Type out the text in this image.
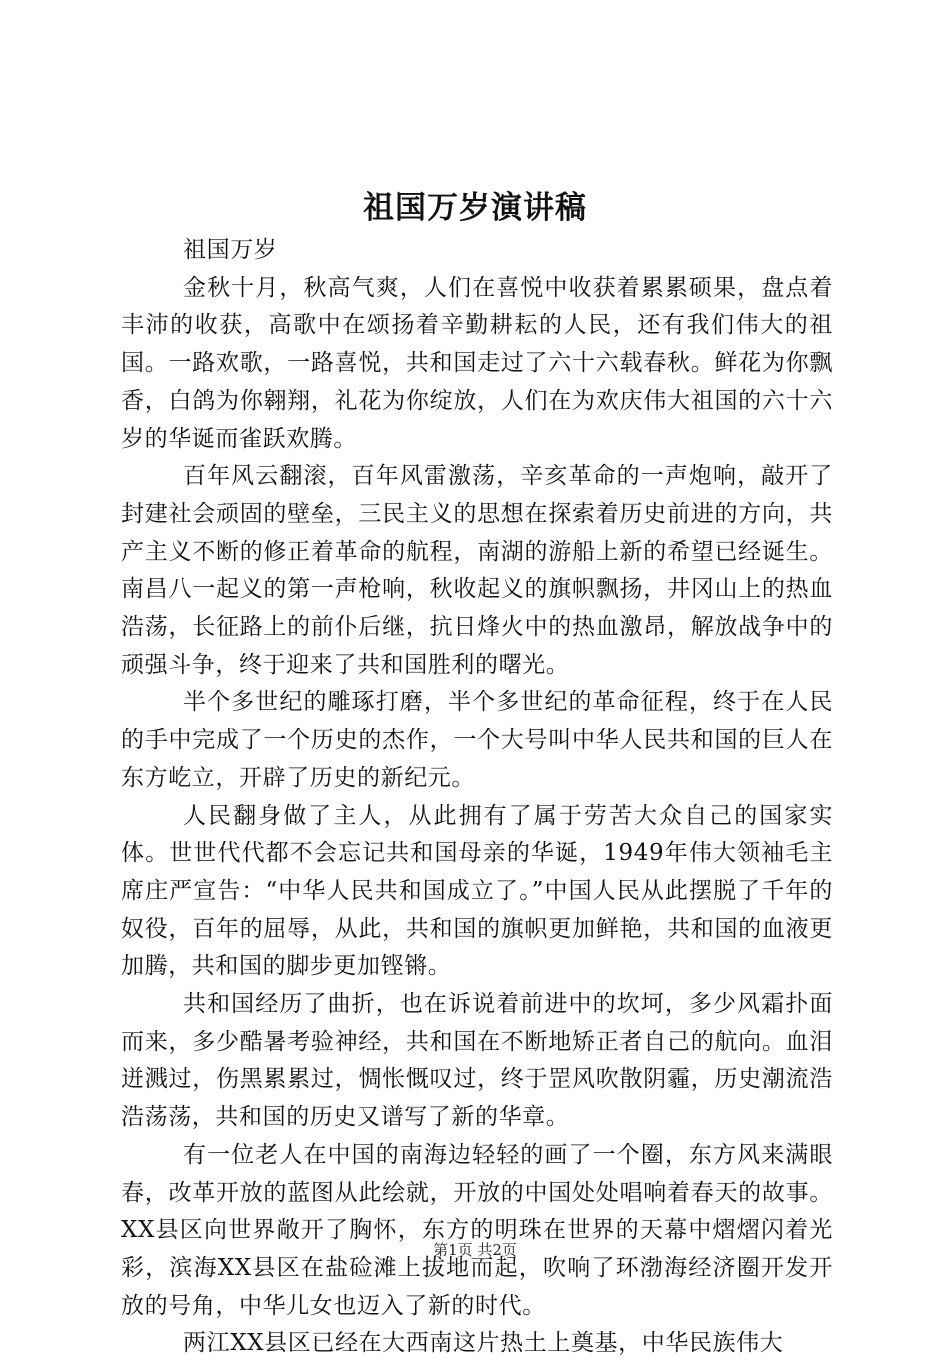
祖国万岁演讲稿

祖国万岁

金秋十月，秋高气爽，人们在喜悦中收获着累累硕果，盘点着丰沛的收获，高歌中在颂扬着辛勤耕耘的人民，还有我们伟大的祖国。一路欢歌，一路喜悦，共和国走过了六十六载春秋。鲜花为你飘香，白鸽为你翱翔，礼花为你绽放，人们在为欢庆伟大祖国的六十六岁的华诞而雀跃欢腾。

百年风云翻滚，百年风雷激荡，辛亥革命的一声炮响，敲开了封建社会顽固的壁垒，三民主义的思想在探索着历史前进的方向，共产主义不断的修正着革命的航程，南湖的游船上新的希望已经诞生。南昌八一起义的第一声枪响，秋收起义的旗帜飘扬，井冈山上的热血浩荡，长征路上的前仆后继，抗日烽火中的热血激昂，解放战争中的顽强斗争，终于迎来了共和国胜利的曙光。

半个多世纪的雕琢打磨，半个多世纪的革命征程，终于在人民的手中完成了一个历史的杰作，一个大号叫中华人民共和国的巨人在东方屹立，开辟了历史的新纪元。

人民翻身做了主人，从此拥有了属于劳苦大众自己的国家实体。世世代代都不会忘记共和国母亲的华诞，1949年伟大领袖毛主席庄严宣告：“中华人民共和国成立了。”中国人民从此摆脱了千年的奴役，百年的屈辱，从此，共和国的旗帜更加鲜艳，共和国的血液更加腾，共和国的脚步更加铿锵。

共和国经历了曲折，也在诉说着前进中的坎坷，多少风霜扑面而来，多少酷暑考验神经，共和国在不断地矫正者自己的航向。血泪迸溅过，伤黑累累过，惆怅慨叹过，终于罡风吹散阴霾，历史潮流浩浩荡荡，共和国的历史又谱写了新的华章。

有一位老人在中国的南海边轻轻的画了一个圈，东方风来满眼春，改革开放的蓝图从此绘就，开放的中国处处唱响着春天的故事。XX县区向世界敞开了胸怀，东方的明珠在世界的天幕中熠熠闪着光彩，滨海XX县区在盐硷滩上拔地而起，吹响了环渤海经济圈开发开放的号角，中华儿女也迈入了新的时代。

两江XX县区已经在大西南这片热土上奠基，中华民族伟大

第1页 共2页
